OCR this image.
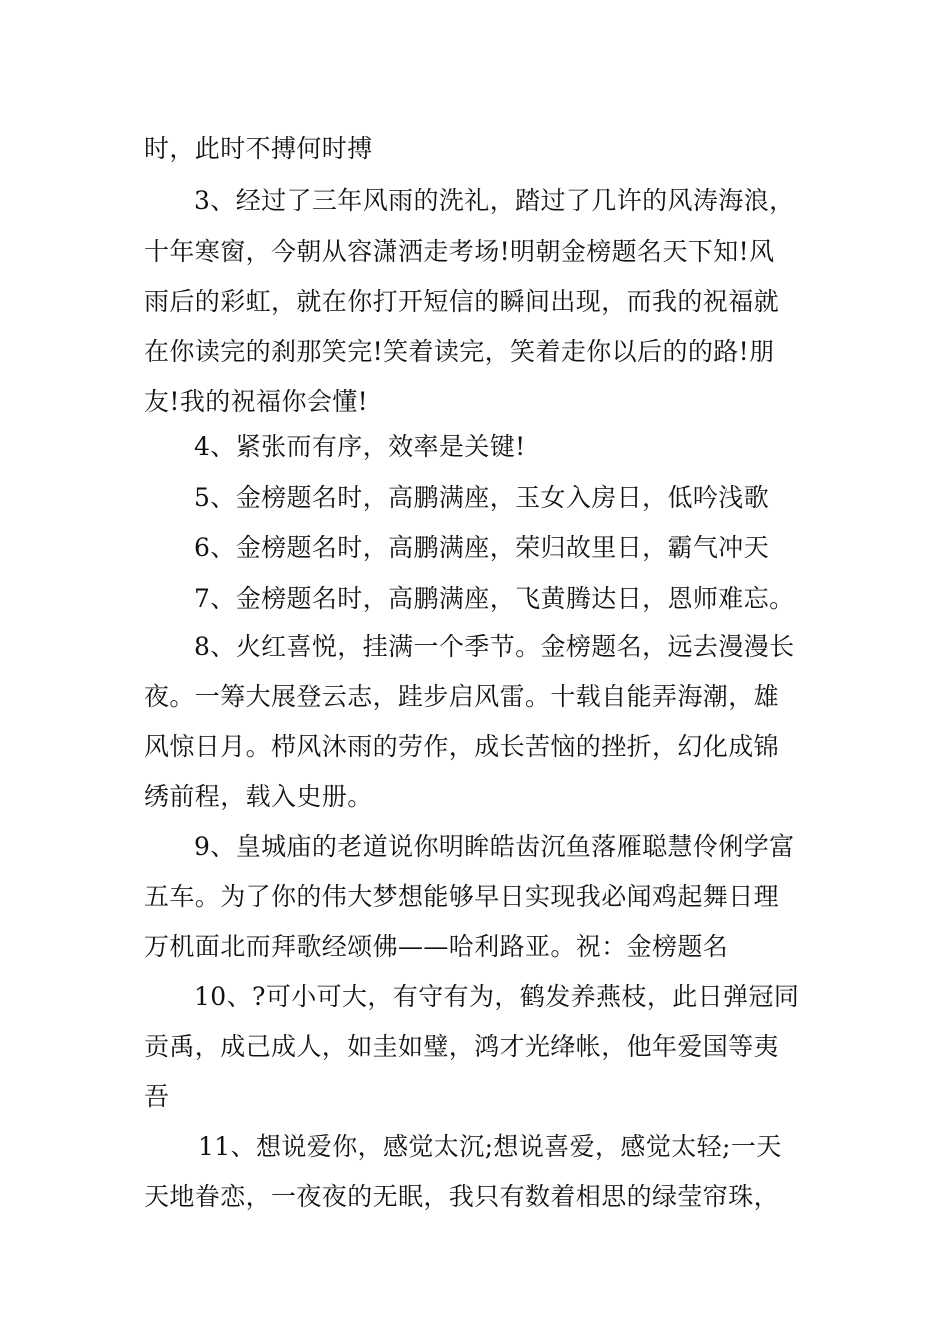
时，此时不搏何时搏
3、经过了三年风雨的洗礼，踏过了几许的风涛海浪，
十年寒窗，今朝从容潇洒走考场!明朝金榜题名天下知!风
雨后的彩虹，就在你打开短信的瞬间出现，而我的祝福就
在你读完的刹那笑完!笑着读完，笑着走你以后的的路!朋
友!我的祝福你会懂!
4、紧张而有序，效率是关键!
5、金榜题名时，高鹏满座，玉女入房日，低吟浅歌
6、金榜题名时，高鹏满座，荣归故里日，霸气冲天
7、金榜题名时，高鹏满座，飞黄腾达日，恩师难忘。
8、火红喜悦，挂满一个季节。金榜题名，远去漫漫长
夜。一筹大展登云志，跬步启风雷。十载自能弄海潮，雄
风惊日月。栉风沐雨的劳作，成长苦恼的挫折，幻化成锦
绣前程，载入史册。
9、皇城庙的老道说你明眸皓齿沉鱼落雁聪慧伶俐学富
五车。为了你的伟大梦想能够早日实现我必闻鸡起舞日理
万机面北而拜歌经颂佛——哈利路亚。祝：金榜题名
10、?可小可大，有守有为，鹤发养燕枝，此日弹冠同
贡禹，成己成人，如圭如璧，鸿才光绛帐，他年爱国等夷
吾
11、想说爱你，感觉太沉;想说喜爱，感觉太轻;一天
天地眷恋，一夜夜的无眠，我只有数着相思的绿莹帘珠，
